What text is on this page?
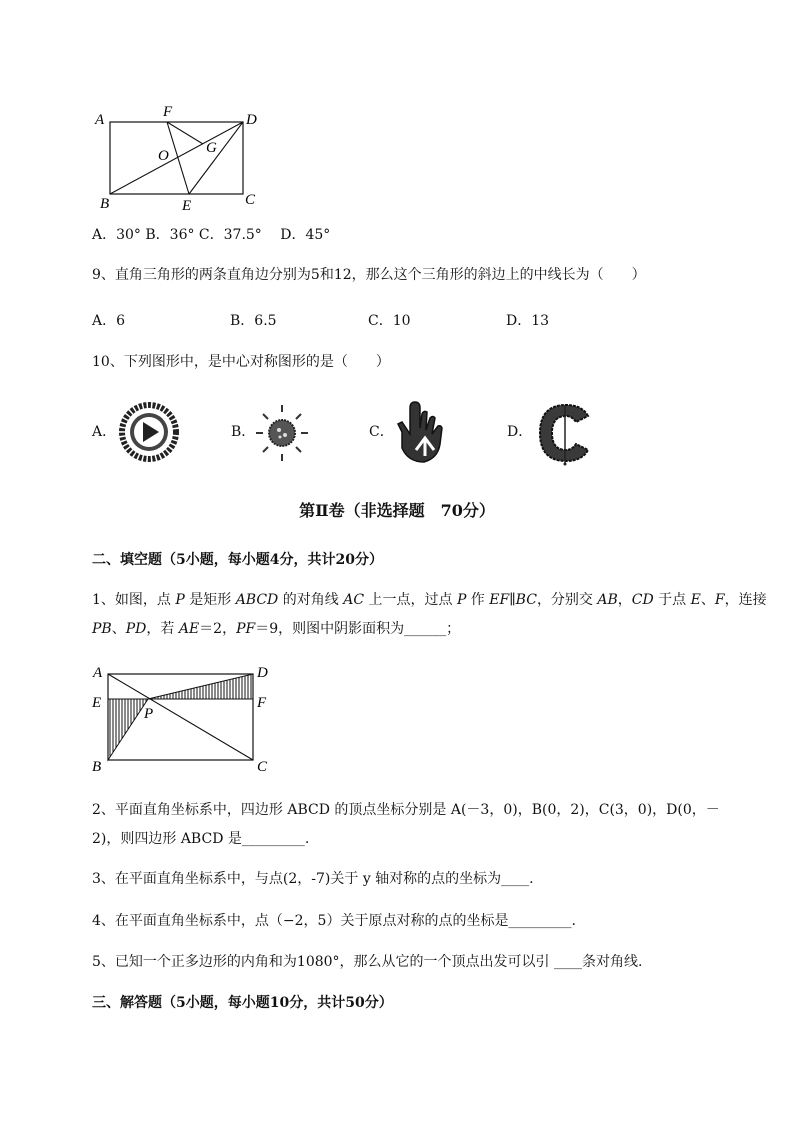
A	F	D
O G
B	E	C
A．30° B．36° C．37.5°　 D．45°
9、直角三角形的两条直角边分别为5和12，那么这个三角形的斜边上的中线长为（　　）
A．6	B．6.5	C．10	D．13
10、下列图形中，是中心对称图形的是（　　）
A．	B．	C．	D．
第Ⅱ卷（非选择题　70分）
二、填空题（5小题，每小题4分，共计20分）
1、如图，点 P 是矩形 ABCD 的对角线 AC 上一点，过点 P 作 EF∥BC，分别交 AB，CD 于点 E、F，连接
PB、PD，若 AE＝2，PF＝9，则图中阴影面积为______；
A	D
E	F
P
B	C
2、平面直角坐标系中，四边形 ABCD 的顶点坐标分别是 A(－3，0)，B(0，2)，C(3，0)，D(0，－
2)，则四边形 ABCD 是_________.
3、在平面直角坐标系中，与点(2，-7)关于 y 轴对称的点的坐标为____.
4、在平面直角坐标系中，点（−2，5）关于原点对称的点的坐标是_________.
5、已知一个正多边形的内角和为1080°，那么从它的一个顶点出发可以引 ____条对角线.
三、解答题（5小题，每小题10分，共计50分）
